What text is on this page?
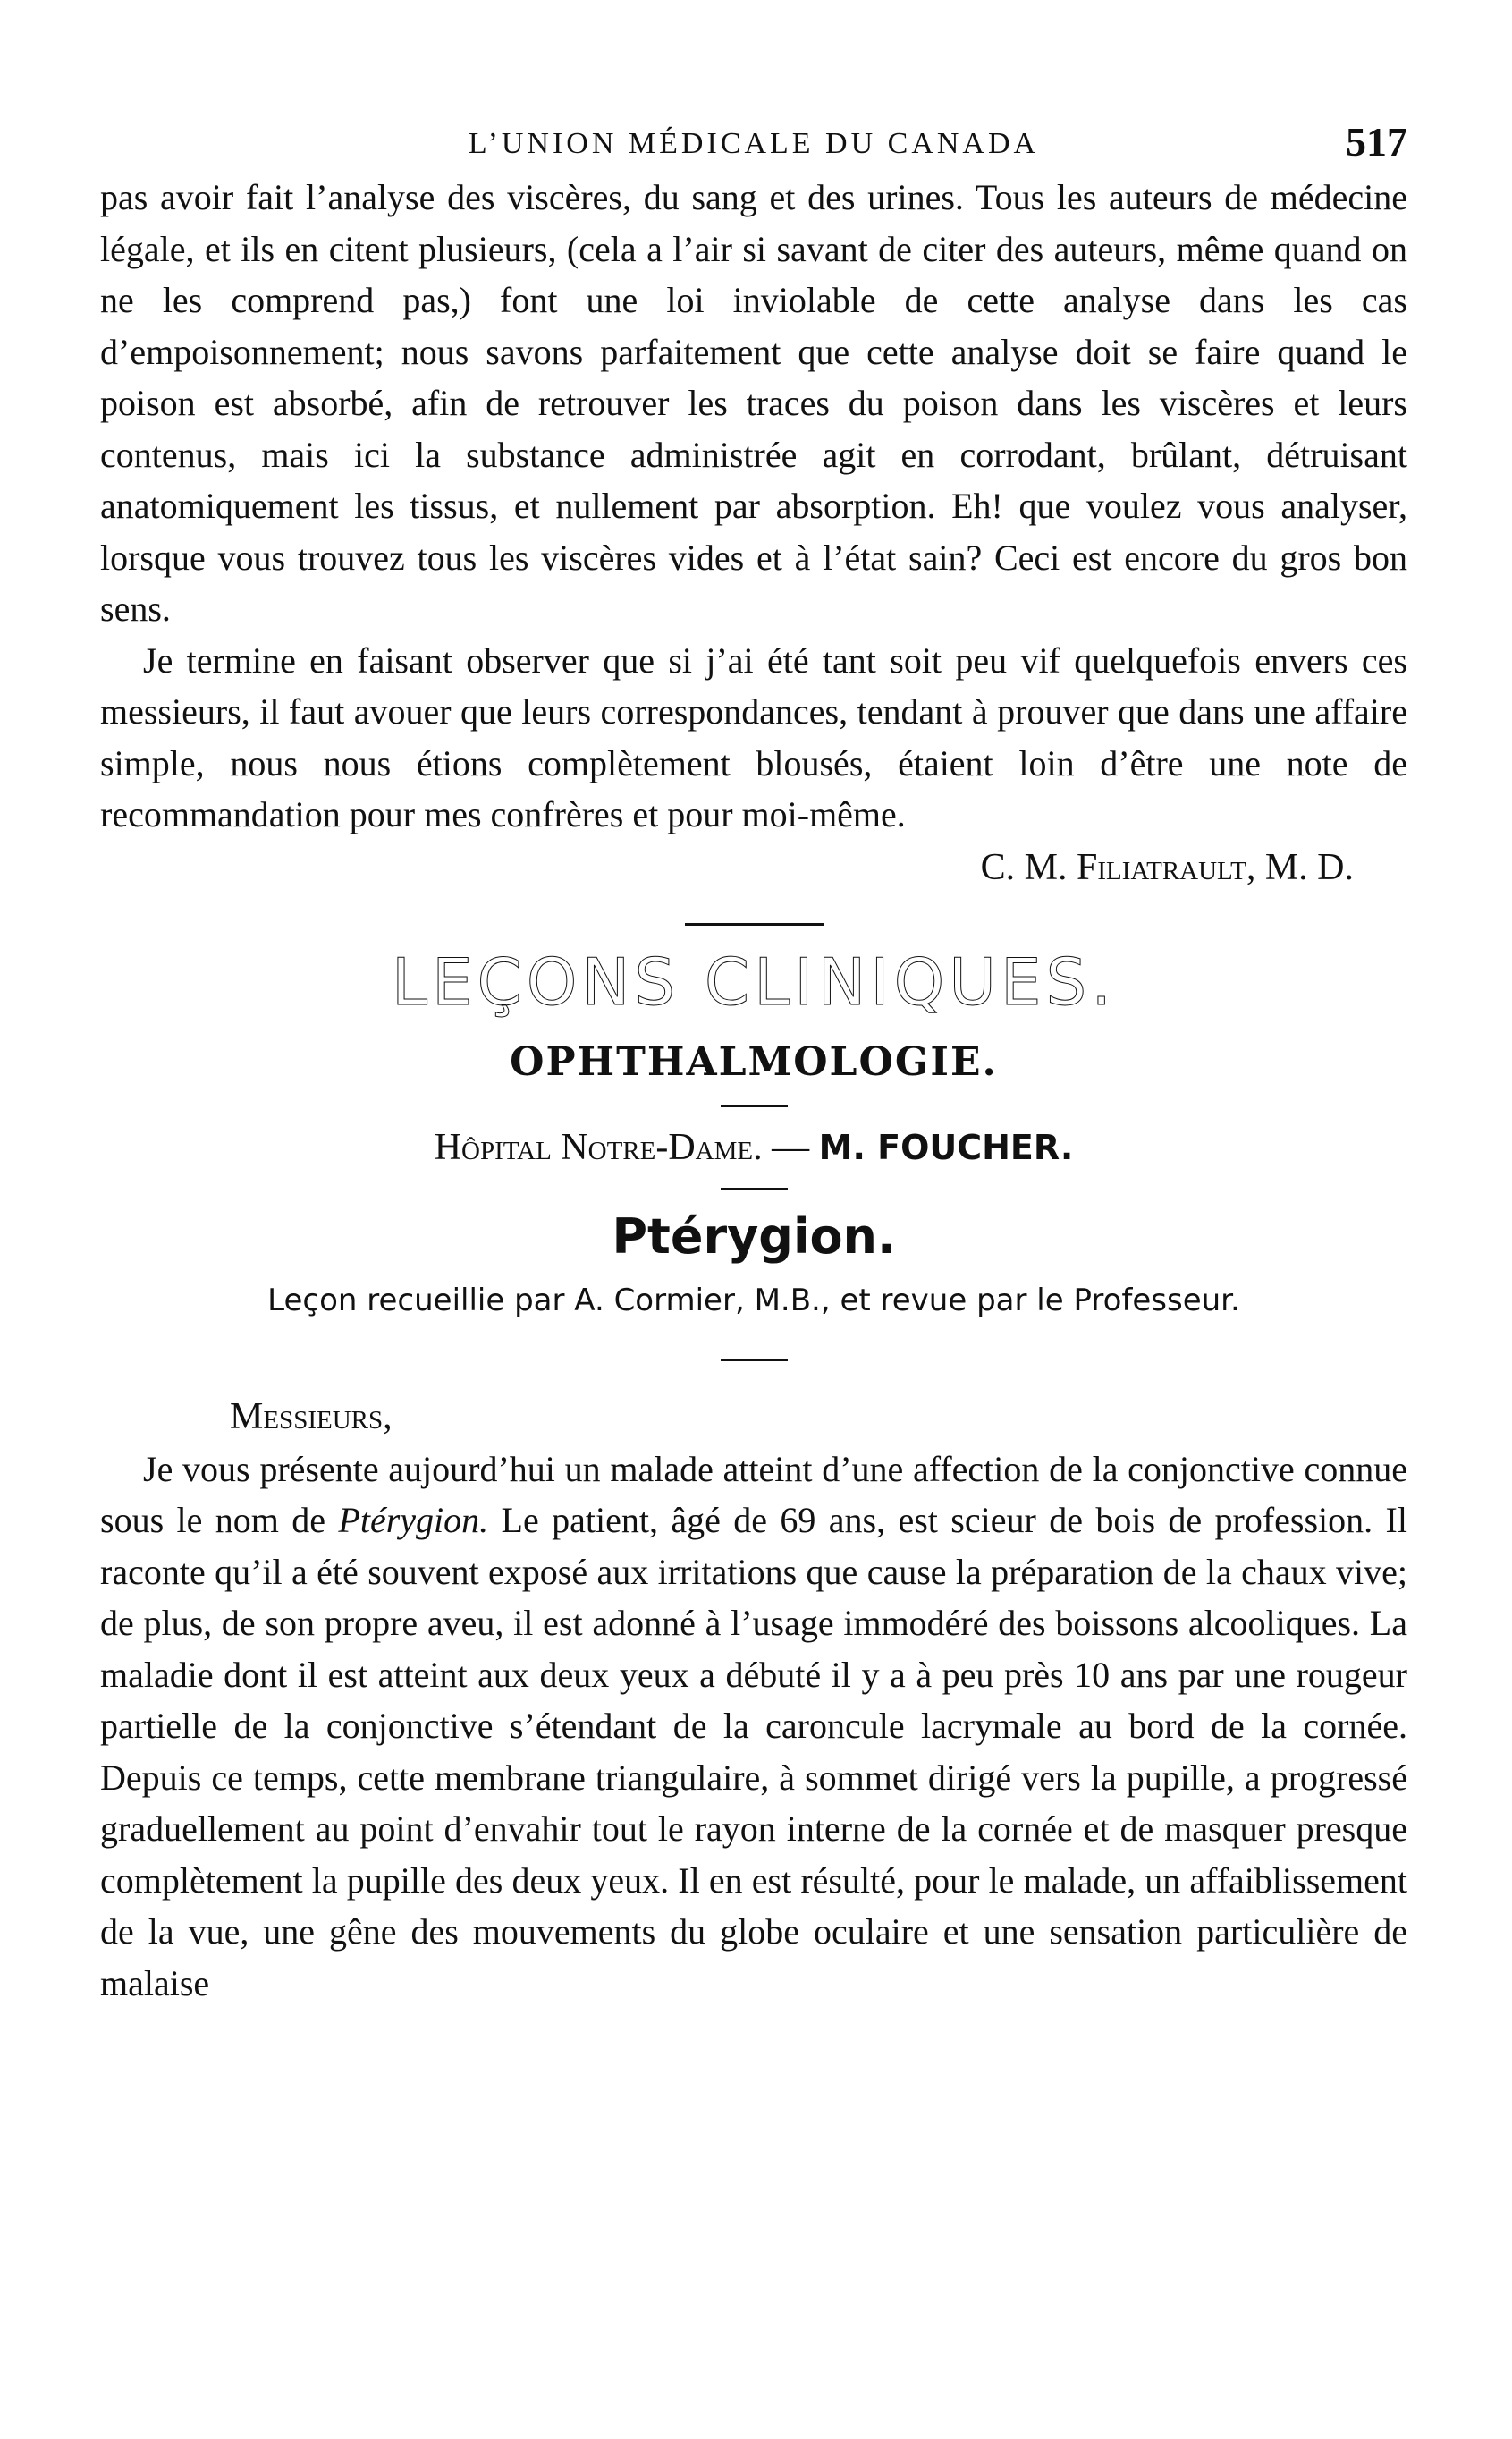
L’UNION MÉDICALE DU CANADA	517

pas avoir fait l’analyse des viscères, du sang et des urines. Tous les auteurs de médecine légale, et ils en citent plusieurs, (cela a l’air si savant de citer des auteurs, même quand on ne les comprend pas,) font une loi inviolable de cette analyse dans les cas d’empoisonnement; nous savons parfaitement que cette analyse doit se faire quand le poison est absorbé, afin de retrouver les traces du poison dans les viscères et leurs contenus, mais ici la substance administrée agit en corrodant, brûlant, détruisant anatomiquement les tissus, et nullement par absorption. Eh! que voulez vous analyser, lorsque vous trouvez tous les viscères vides et à l’état sain? Ceci est encore du gros bon sens.

Je termine en faisant observer que si j’ai été tant soit peu vif quelquefois envers ces messieurs, il faut avouer que leurs correspondances, tendant à prouver que dans une affaire simple, nous nous étions complètement blousés, étaient loin d’être une note de recommandation pour mes confrères et pour moi-même.

C. M. Filiatrault, M. D.
LEÇONS CLINIQUES.
OPHTHALMOLOGIE.
Hôpital Notre-Dame. — M. FOUCHER.
Ptérygion.
Leçon recueillie par A. Cormier, M.B., et revue par le Professeur.
Messieurs,

Je vous présente aujourd’hui un malade atteint d’une affection de la conjonctive connue sous le nom de Ptérygion. Le patient, âgé de 69 ans, est scieur de bois de profession. Il raconte qu’il a été souvent exposé aux irritations que cause la préparation de la chaux vive; de plus, de son propre aveu, il est adonné à l’usage immodéré des boissons alcooliques. La maladie dont il est atteint aux deux yeux a débuté il y a à peu près 10 ans par une rougeur partielle de la conjonctive s’étendant de la caroncule lacrymale au bord de la cornée. Depuis ce temps, cette membrane triangulaire, à sommet dirigé vers la pupille, a progressé graduellement au point d’envahir tout le rayon interne de la cornée et de masquer presque complètement la pupille des deux yeux. Il en est résulté, pour le malade, un affaiblissement de la vue, une gêne des mouvements du globe oculaire et une sensation particulière de malaise
